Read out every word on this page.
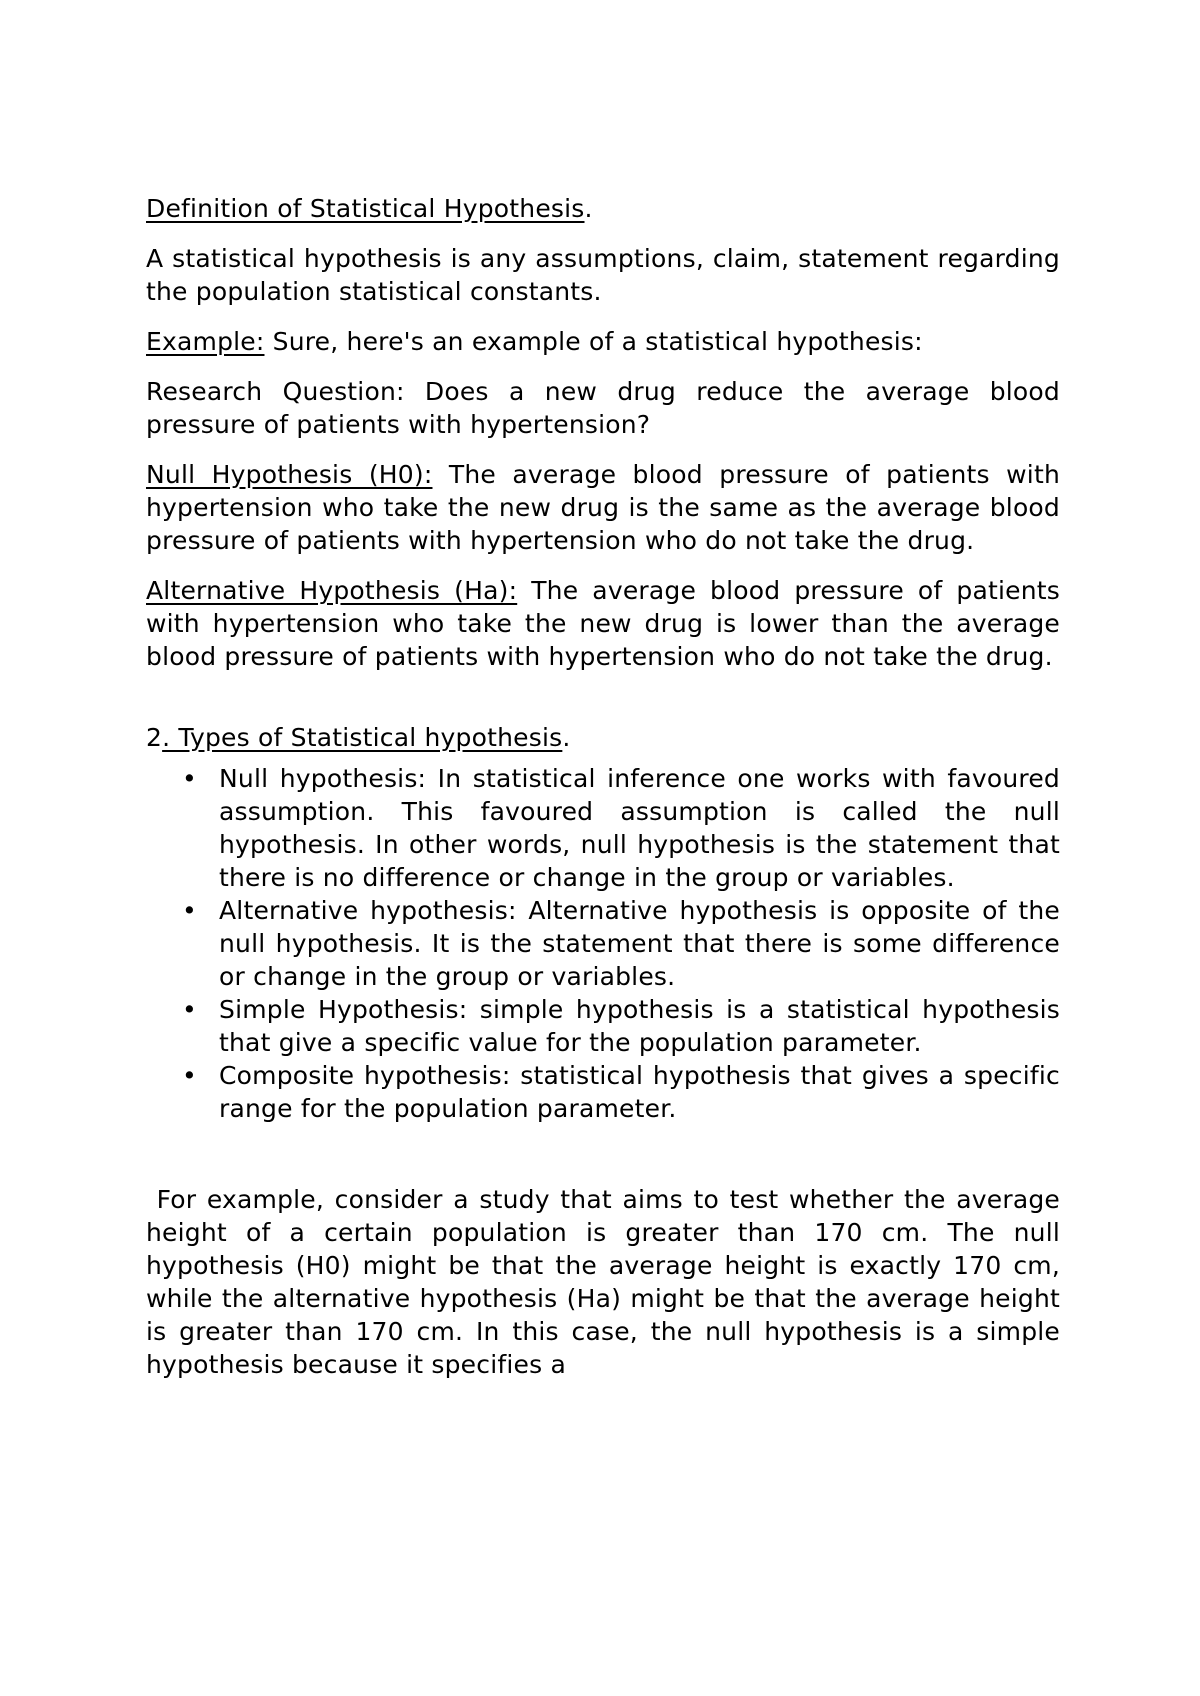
Definition of Statistical Hypothesis.

A statistical hypothesis is any assumptions, claim, statement regarding the population statistical constants.

Example: Sure, here's an example of a statistical hypothesis:

Research Question: Does a new drug reduce the average blood pressure of patients with hypertension?

Null Hypothesis (H0): The average blood pressure of patients with hypertension who take the new drug is the same as the average blood pressure of patients with hypertension who do not take the drug.

Alternative Hypothesis (Ha): The average blood pressure of patients with hypertension who take the new drug is lower than the average blood pressure of patients with hypertension who do not take the drug.

2. Types of Statistical hypothesis.

• Null hypothesis: In statistical inference one works with favoured assumption. This favoured assumption is called the null hypothesis. In other words, null hypothesis is the statement that there is no difference or change in the group or variables.
• Alternative hypothesis: Alternative hypothesis is opposite of the null hypothesis. It is the statement that there is some difference or change in the group or variables.
• Simple Hypothesis: simple hypothesis is a statistical hypothesis that give a specific value for the population parameter.
• Composite hypothesis: statistical hypothesis that gives a specific range for the population parameter.

For example, consider a study that aims to test whether the average height of a certain population is greater than 170 cm. The null hypothesis (H0) might be that the average height is exactly 170 cm, while the alternative hypothesis (Ha) might be that the average height is greater than 170 cm. In this case, the null hypothesis is a simple hypothesis because it specifies a
